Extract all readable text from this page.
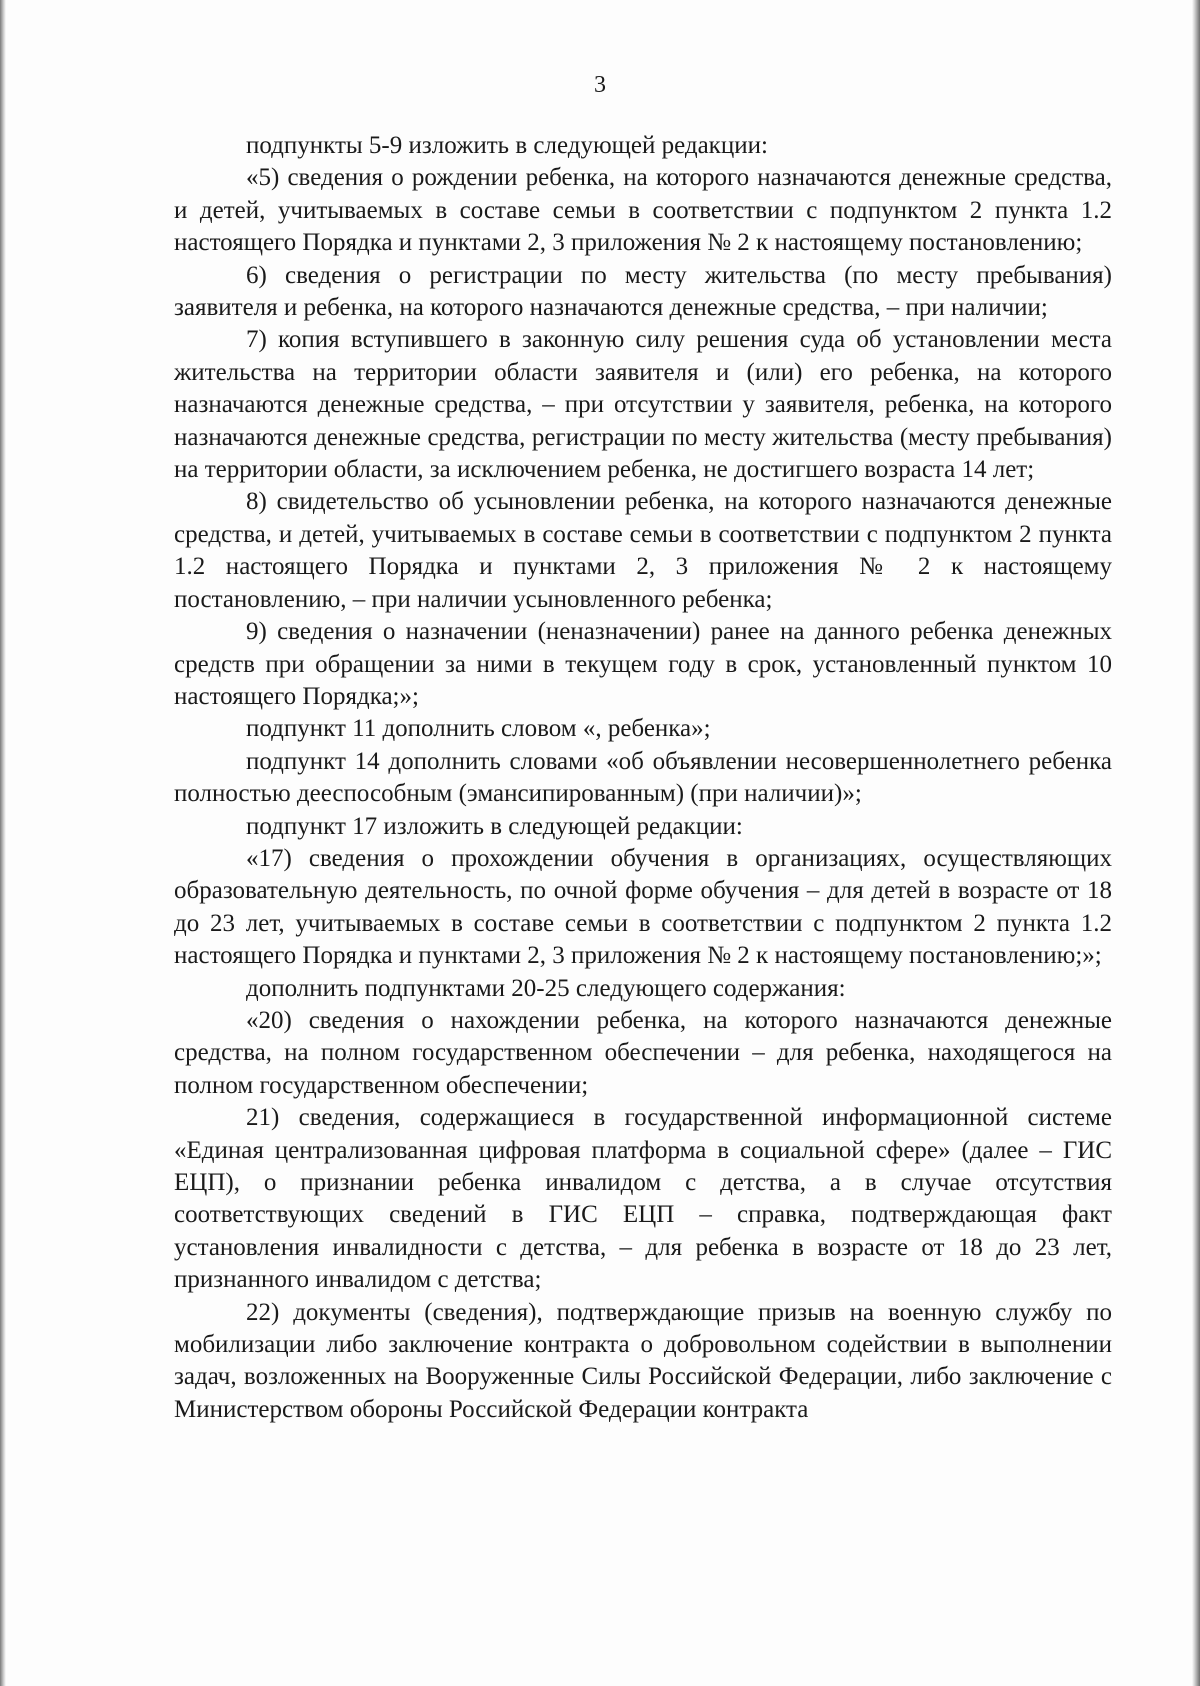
3

подпункты 5-9 изложить в следующей редакции:

«5) сведения о рождении ребенка, на которого назначаются денежные средства, и детей, учитываемых в составе семьи в соответствии с подпунктом 2 пункта 1.2 настоящего Порядка и пунктами 2, 3 приложения № 2 к настоящему постановлению;

6) сведения о регистрации по месту жительства (по месту пребывания) заявителя и ребенка, на которого назначаются денежные средства, – при наличии;

7) копия вступившего в законную силу решения суда об установлении места жительства на территории области заявителя и (или) его ребенка, на которого назначаются денежные средства, – при отсутствии у заявителя, ребенка, на которого назначаются денежные средства, регистрации по месту жительства (месту пребывания) на территории области, за исключением ребенка, не достигшего возраста 14 лет;

8) свидетельство об усыновлении ребенка, на которого назначаются денежные средства, и детей, учитываемых в составе семьи в соответствии с подпунктом 2 пункта 1.2 настоящего Порядка и пунктами 2, 3 приложения № 2 к настоящему постановлению, – при наличии усыновленного ребенка;

9) сведения о назначении (неназначении) ранее на данного ребенка денежных средств при обращении за ними в текущем году в срок, установленный пунктом 10 настоящего Порядка;»;

подпункт 11 дополнить словом «, ребенка»;

подпункт 14 дополнить словами «об объявлении несовершеннолетнего ребенка полностью дееспособным (эмансипированным) (при наличии)»;

подпункт 17 изложить в следующей редакции:

«17) сведения о прохождении обучения в организациях, осуществляющих образовательную деятельность, по очной форме обучения – для детей в возрасте от 18 до 23 лет, учитываемых в составе семьи в соответствии с подпунктом 2 пункта 1.2 настоящего Порядка и пунктами 2, 3 приложения № 2 к настоящему постановлению;»;

дополнить подпунктами 20-25 следующего содержания:

«20) сведения о нахождении ребенка, на которого назначаются денежные средства, на полном государственном обеспечении – для ребенка, находящегося на полном государственном обеспечении;

21) сведения, содержащиеся в государственной информационной системе «Единая централизованная цифровая платформа в социальной сфере» (далее – ГИС ЕЦП), о признании ребенка инвалидом с детства, а в случае отсутствия соответствующих сведений в ГИС ЕЦП – справка, подтверждающая факт установления инвалидности с детства, – для ребенка в возрасте от 18 до 23 лет, признанного инвалидом с детства;

22) документы (сведения), подтверждающие призыв на военную службу по мобилизации либо заключение контракта о добровольном содействии в выполнении задач, возложенных на Вооруженные Силы Российской Федерации, либо заключение с Министерством обороны Российской Федерации контракта
